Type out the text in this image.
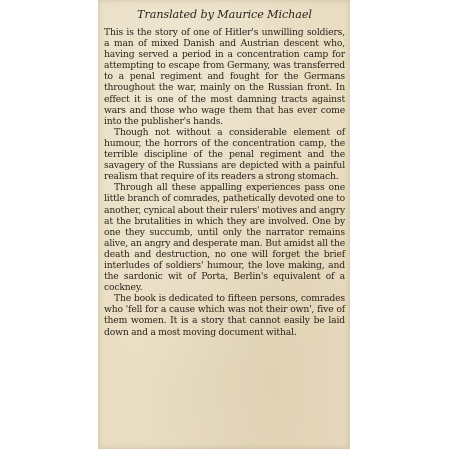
Translated by Maurice Michael

This is the story of one of Hitler's unwilling soldiers, a man of mixed Danish and Austrian descent who, having served a period in a concentration camp for attempting to escape from Germany, was transferred to a penal regiment and fought for the Germans throughout the war, mainly on the Russian front. In effect it is one of the most damning tracts against wars and those who wage them that has ever come into the publisher's hands.

Though not without a considerable element of humour, the horrors of the concentration camp, the terrible discipline of the penal regiment and the savagery of the Russians are depicted with a painful realism that require of its readers a strong stomach.

Through all these appalling experiences pass one little branch of comrades, pathetically devoted one to another, cynical about their rulers' motives and angry at the brutalities in which they are involved. One by one they succumb, until only the narrator remains alive, an angry and desperate man. But amidst all the death and destruction, no one will forget the brief interludes of soldiers' humour, the love making, and the sardonic wit of Porta, Berlin's equivalent of a cockney.

The book is dedicated to fifteen persons, comrades who 'fell for a cause which was not their own', five of them women. It is a story that cannot easily be laid down and a most moving document withal.
